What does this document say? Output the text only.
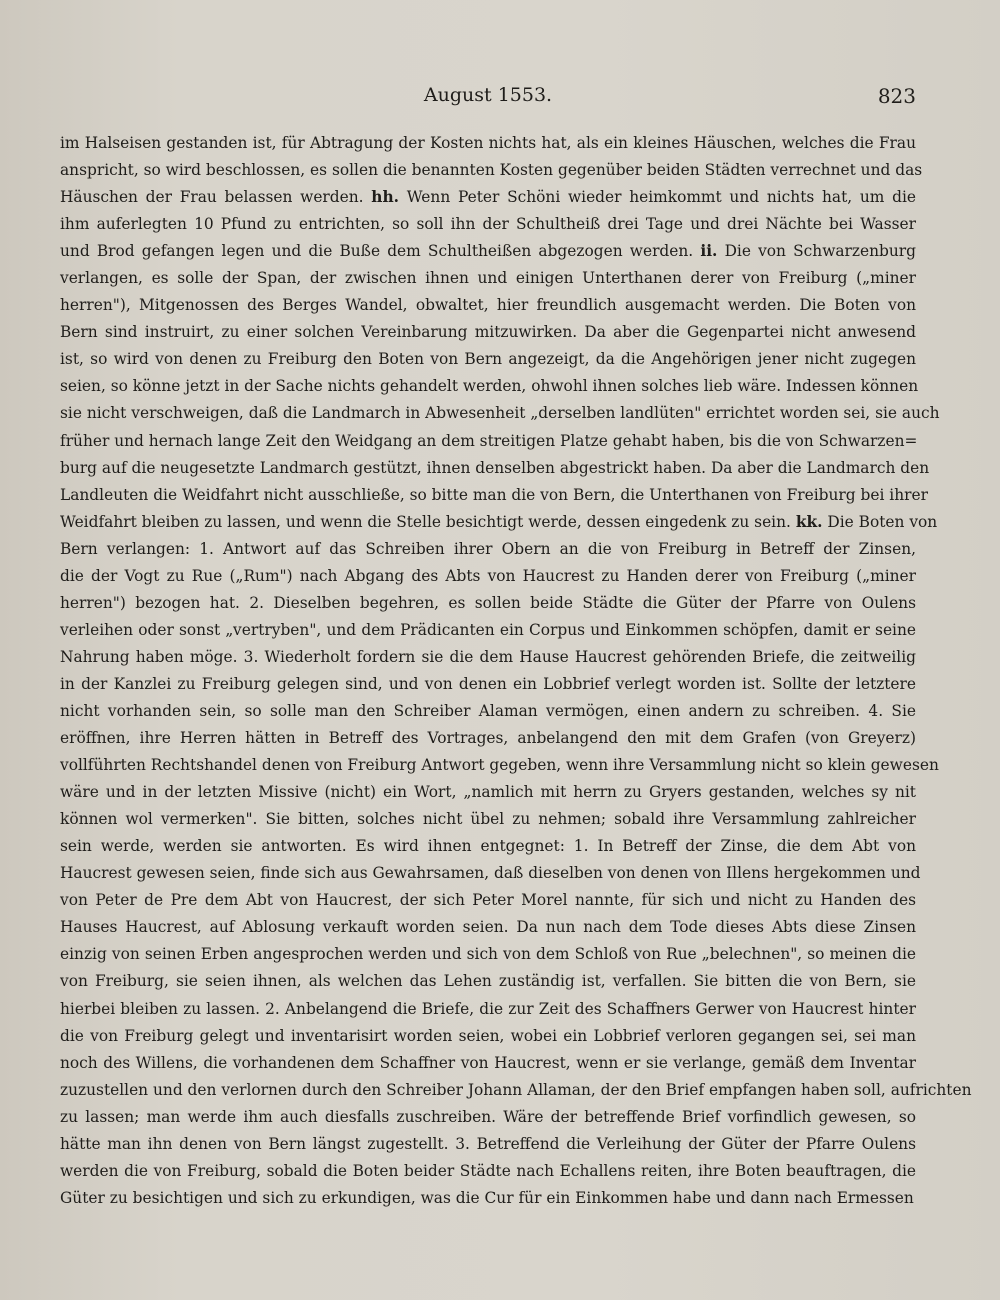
August 1553.	823
im Halseisen gestanden ist, für Abtragung der Kosten nichts hat, als ein kleines Häuschen, welches die Frau
anspricht, so wird beschlossen, es sollen die benannten Kosten gegenüber beiden Städten verrechnet und das
Häuschen der Frau belassen werden. hh. Wenn Peter Schöni wieder heimkommt und nichts hat, um die
ihm auferlegten 10 Pfund zu entrichten, so soll ihn der Schultheiß drei Tage und drei Nächte bei Wasser
und Brod gefangen legen und die Buße dem Schultheißen abgezogen werden. ii. Die von Schwarzenburg
verlangen, es solle der Span, der zwischen ihnen und einigen Unterthanen derer von Freiburg („miner
herren"), Mitgenossen des Berges Wandel, obwaltet, hier freundlich ausgemacht werden. Die Boten von
Bern sind instruirt, zu einer solchen Vereinbarung mitzuwirken. Da aber die Gegenpartei nicht anwesend
ist, so wird von denen zu Freiburg den Boten von Bern angezeigt, da die Angehörigen jener nicht zugegen
seien, so könne jetzt in der Sache nichts gehandelt werden, ohwohl ihnen solches lieb wäre. Indessen können
sie nicht verschweigen, daß die Landmarch in Abwesenheit „derselben landlüten" errichtet worden sei, sie auch
früher und hernach lange Zeit den Weidgang an dem streitigen Platze gehabt haben, bis die von Schwarzen=
burg auf die neugesetzte Landmarch gestützt, ihnen denselben abgestrickt haben. Da aber die Landmarch den
Landleuten die Weidfahrt nicht ausschließe, so bitte man die von Bern, die Unterthanen von Freiburg bei ihrer
Weidfahrt bleiben zu lassen, und wenn die Stelle besichtigt werde, dessen eingedenk zu sein. kk. Die Boten von
Bern verlangen: 1. Antwort auf das Schreiben ihrer Obern an die von Freiburg in Betreff der Zinsen,
die der Vogt zu Rue („Rum") nach Abgang des Abts von Haucrest zu Handen derer von Freiburg („miner
herren") bezogen hat. 2. Dieselben begehren, es sollen beide Städte die Güter der Pfarre von Oulens
verleihen oder sonst „vertryben", und dem Prädicanten ein Corpus und Einkommen schöpfen, damit er seine
Nahrung haben möge. 3. Wiederholt fordern sie die dem Hause Haucrest gehörenden Briefe, die zeitweilig
in der Kanzlei zu Freiburg gelegen sind, und von denen ein Lobbrief verlegt worden ist. Sollte der letztere
nicht vorhanden sein, so solle man den Schreiber Alaman vermögen, einen andern zu schreiben. 4. Sie
eröffnen, ihre Herren hätten in Betreff des Vortrages, anbelangend den mit dem Grafen (von Greyerz)
vollführten Rechtshandel denen von Freiburg Antwort gegeben, wenn ihre Versammlung nicht so klein gewesen
wäre und in der letzten Missive (nicht) ein Wort, „namlich mit herrn zu Gryers gestanden, welches sy nit
können wol vermerken". Sie bitten, solches nicht übel zu nehmen; sobald ihre Versammlung zahlreicher
sein werde, werden sie antworten. Es wird ihnen entgegnet: 1. In Betreff der Zinse, die dem Abt von
Haucrest gewesen seien, finde sich aus Gewahrsamen, daß dieselben von denen von Illens hergekommen und
von Peter de Pre dem Abt von Haucrest, der sich Peter Morel nannte, für sich und nicht zu Handen des
Hauses Haucrest, auf Ablosung verkauft worden seien. Da nun nach dem Tode dieses Abts diese Zinsen
einzig von seinen Erben angesprochen werden und sich von dem Schloß von Rue „belechnen", so meinen die
von Freiburg, sie seien ihnen, als welchen das Lehen zuständig ist, verfallen. Sie bitten die von Bern, sie
hierbei bleiben zu lassen. 2. Anbelangend die Briefe, die zur Zeit des Schaffners Gerwer von Haucrest hinter
die von Freiburg gelegt und inventarisirt worden seien, wobei ein Lobbrief verloren gegangen sei, sei man
noch des Willens, die vorhandenen dem Schaffner von Haucrest, wenn er sie verlange, gemäß dem Inventar
zuzustellen und den verlornen durch den Schreiber Johann Allaman, der den Brief empfangen haben soll, aufrichten
zu lassen; man werde ihm auch diesfalls zuschreiben. Wäre der betreffende Brief vorfindlich gewesen, so
hätte man ihn denen von Bern längst zugestellt. 3. Betreffend die Verleihung der Güter der Pfarre Oulens
werden die von Freiburg, sobald die Boten beider Städte nach Echallens reiten, ihre Boten beauftragen, die
Güter zu besichtigen und sich zu erkundigen, was die Cur für ein Einkommen habe und dann nach Ermessen
